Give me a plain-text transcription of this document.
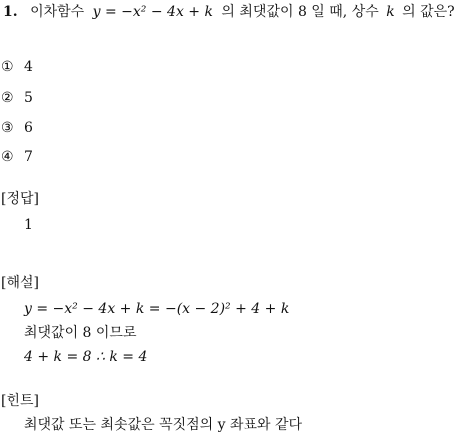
1. 이차함수 y = −x² − 4x + k 의 최댓값이 8 일 때, 상수 k 의 값은?
① 4
② 5
③ 6
④ 7
[정답]
1
[해설]
y = −x² − 4x + k = −(x − 2)² + 4 + k
최댓값이 8 이므로
4 + k = 8 ∴ k = 4
[힌트]
최댓값 또는 최솟값은 꼭짓점의 y 좌표와 같다
